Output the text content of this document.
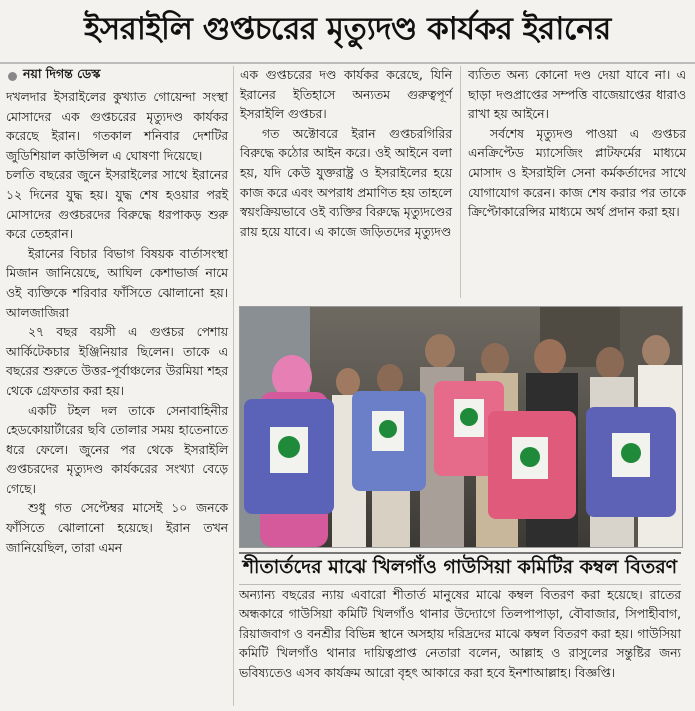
ইসরাইলি গুপ্তচরের মৃত্যুদণ্ড কার্যকর ইরানের
নয়া দিগন্ত ডেস্ক

দখলদার ইসরাইলের কুখ্যাত গোয়েন্দা সংস্থা মোসাদের এক গুপ্তচরের মৃত্যুদণ্ড কার্যকর করেছে ইরান। গতকাল শনিবার দেশটির জুডিশিয়াল কাউন্সিল এ ঘোষণা দিয়েছে।

চলতি বছরের জুনে ইসরাইলের সাথে ইরানের ১২ দিনের যুদ্ধ হয়। যুদ্ধ শেষ হওয়ার পরই মোসাদের গুপ্তচরদের বিরুদ্ধে ধরপাকড় শুরু করে তেহরান।

ইরানের বিচার বিভাগ বিষয়ক বার্তাসংস্থা মিজান জানিয়েছে, আঘিল কেশাভার্জ নামে ওই ব্যক্তিকে শরিবার ফাঁসিতে ঝোলানো হয়। আলজাজিরা

২৭ বছর বয়সী এ গুপ্তচর পেশায় আর্কিটেকচার ইঞ্জিনিয়ার ছিলেন। তাকে এ বছরের শুরুতে উত্তর-পূর্বাঞ্চলের উরমিয়া শহর থেকে গ্রেফতার করা হয়।

একটি টহল দল তাকে সেনাবাহিনীর হেডকোয়ার্টারের ছবি তোলার সময় হাতেনাতে ধরে ফেলে। জুনের পর থেকে ইসরাইলি গুপ্তচরদের মৃত্যুদণ্ড কার্যকরের সংখ্যা বেড়ে গেছে।

শুধু গত সেপ্টেম্বর মাসেই ১০ জনকে ফাঁসিতে ঝোলানো হয়েছে। ইরান তখন জানিয়েছিল, তারা এমন

এক গুপ্তচরের দণ্ড কার্যকর করেছে, যিনি ইরানের ইতিহাসে অন্যতম গুরুত্বপূর্ণ ইসরাইলি গুপ্তচর।

গত অক্টোবরে ইরান গুপ্তচরগিরির বিরুদ্ধে কঠোর আইন করে। ওই আইনে বলা হয়, যদি কেউ যুক্তরাষ্ট্র ও ইসরাইলের হয়ে কাজ করে এবং অপরাধ প্রমাণিত হয় তাহলে স্বয়ংক্রিয়ভাবে ওই ব্যক্তির বিরুদ্ধে মৃত্যুদণ্ডের রায় হয়ে যাবে। এ কাজে জড়িতদের মৃত্যুদণ্ড

ব্যতিত অন্য কোনো দণ্ড দেয়া যাবে না। এ ছাড়া দণ্ডপ্রাপ্তের সম্পত্তি বাজেয়াপ্তের ধারাও রাখা হয় আইনে।

সর্বশেষ মৃত্যুদণ্ড পাওয়া এ গুপ্তচর এনক্রিপ্টেড ম্যাসেজিং প্লাটফর্মের মাধ্যমে মোসাদ ও ইসরাইলি সেনা কর্মকর্তাদের সাথে যোগাযোগ করেন। কাজ শেষ করার পর তাকে ক্রিপ্টোকারেন্সির মাধ্যমে অর্থ প্রদান করা হয়।

শীতার্তদের মাঝে খিলগাঁও গাউসিয়া কমিটির কম্বল বিতরণ
অন্যান্য বছরের ন্যায় এবারো শীতার্ত মানুষের মাঝে কম্বল বিতরণ করা হয়েছে। রাতের অন্ধকারে গাউসিয়া কমিটি খিলগাঁও থানার উদ্যোগে তিলপাপাড়া, বৌবাজার, সিপাহীবাগ, রিয়াজবাগ ও বনশ্রীর বিভিন্ন স্থানে অসহায় দরিদ্রদের মাঝে কম্বল বিতরণ করা হয়। গাউসিয়া কমিটি খিলগাঁও থানার দায়িত্বপ্রাপ্ত নেতারা বলেন, আল্লাহ ও রাসুলের সন্তুষ্টির জন্য ভবিষ্যতেও এসব কার্যক্রম আরো বৃহৎ আকারে করা হবে ইনশাআল্লাহ। বিজ্ঞপ্তি।
